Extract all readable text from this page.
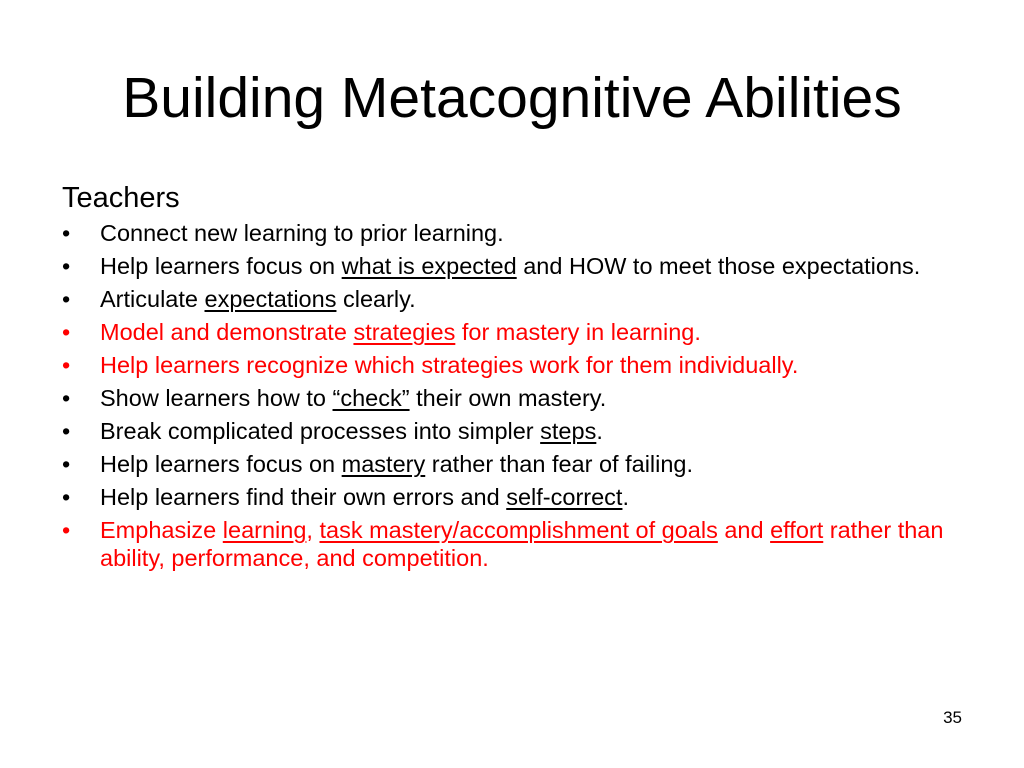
Building Metacognitive Abilities
Teachers
• Connect new learning to prior learning.
• Help learners focus on what is expected and HOW to meet those expectations.
• Articulate expectations clearly.
• Model and demonstrate strategies for mastery in learning.
• Help learners recognize which strategies work for them individually.
• Show learners how to “check” their own mastery.
• Break complicated processes into simpler steps.
• Help learners focus on mastery rather than fear of failing.
• Help learners find their own errors and self-correct.
• Emphasize learning, task mastery/accomplishment of goals and effort rather than ability, performance, and competition.
35
